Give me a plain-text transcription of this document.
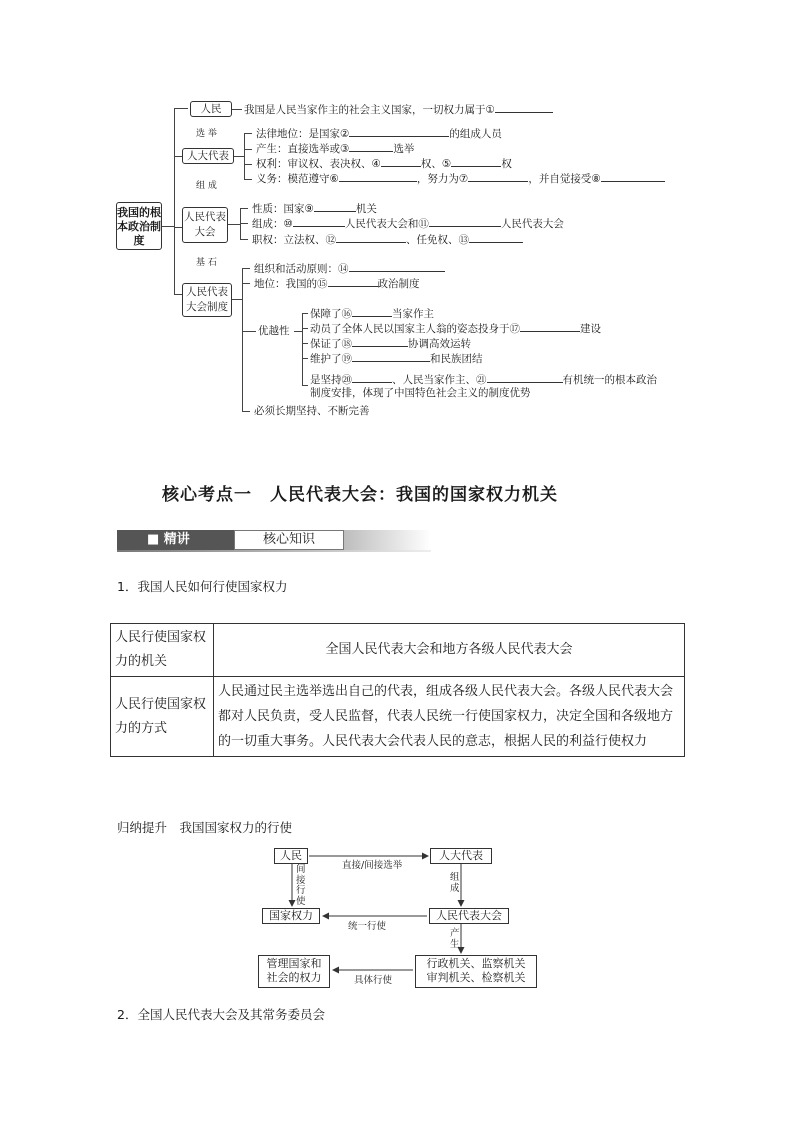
我国的根本政治制度
人民	我国是人民当家作主的社会主义国家，一切权力属于①
选 举
人大代表
法律地位：是国家②	的组成人员
产生：直接选举或③	选举
权利：审议权、表决权、④	权、⑤	权
义务：模范遵守⑥	，努力为⑦	，并自觉接受⑧
组 成
人民代表大会
性质：国家⑨	机关
组成：⑩	人民代表大会和⑪	人民代表大会
职权：立法权、⑫	、任免权、⑬
基 石
人民代表大会制度
组织和活动原则：⑭
地位：我国的⑮	政治制度
优越性
保障了⑯	当家作主
动员了全体人民以国家主人翁的姿态投身于⑰	建设
保证了⑱	协调高效运转
维护了⑲	和民族团结
是坚持⑳	、人民当家作主、㉑	有机统一的根本政治
制度安排，体现了中国特色社会主义的制度优势
必须长期坚持、不断完善
核心考点一　人民代表大会：我国的国家权力机关
■ 精讲	核心知识
1．我国人民如何行使国家权力
人民行使国家权力的机关	全国人民代表大会和地方各级人民代表大会
人民行使国家权力的方式	人民通过民主选举选出自己的代表，组成各级人民代表大会。各级人民代表大会都对人民负责，受人民监督，代表人民统一行使国家权力，决定全国和各级地方的一切重大事务。人民代表大会代表人民的意志，根据人民的利益行使权力
归纳提升　我国国家权力的行使
人民	人大代表
国家权力	人民代表大会
管理国家和社会的权力
行政机关、监察机关
审判机关、检察机关
直接/间接选举
间接行使
组成
统一行使
产生
具体行使
2．全国人民代表大会及其常务委员会
